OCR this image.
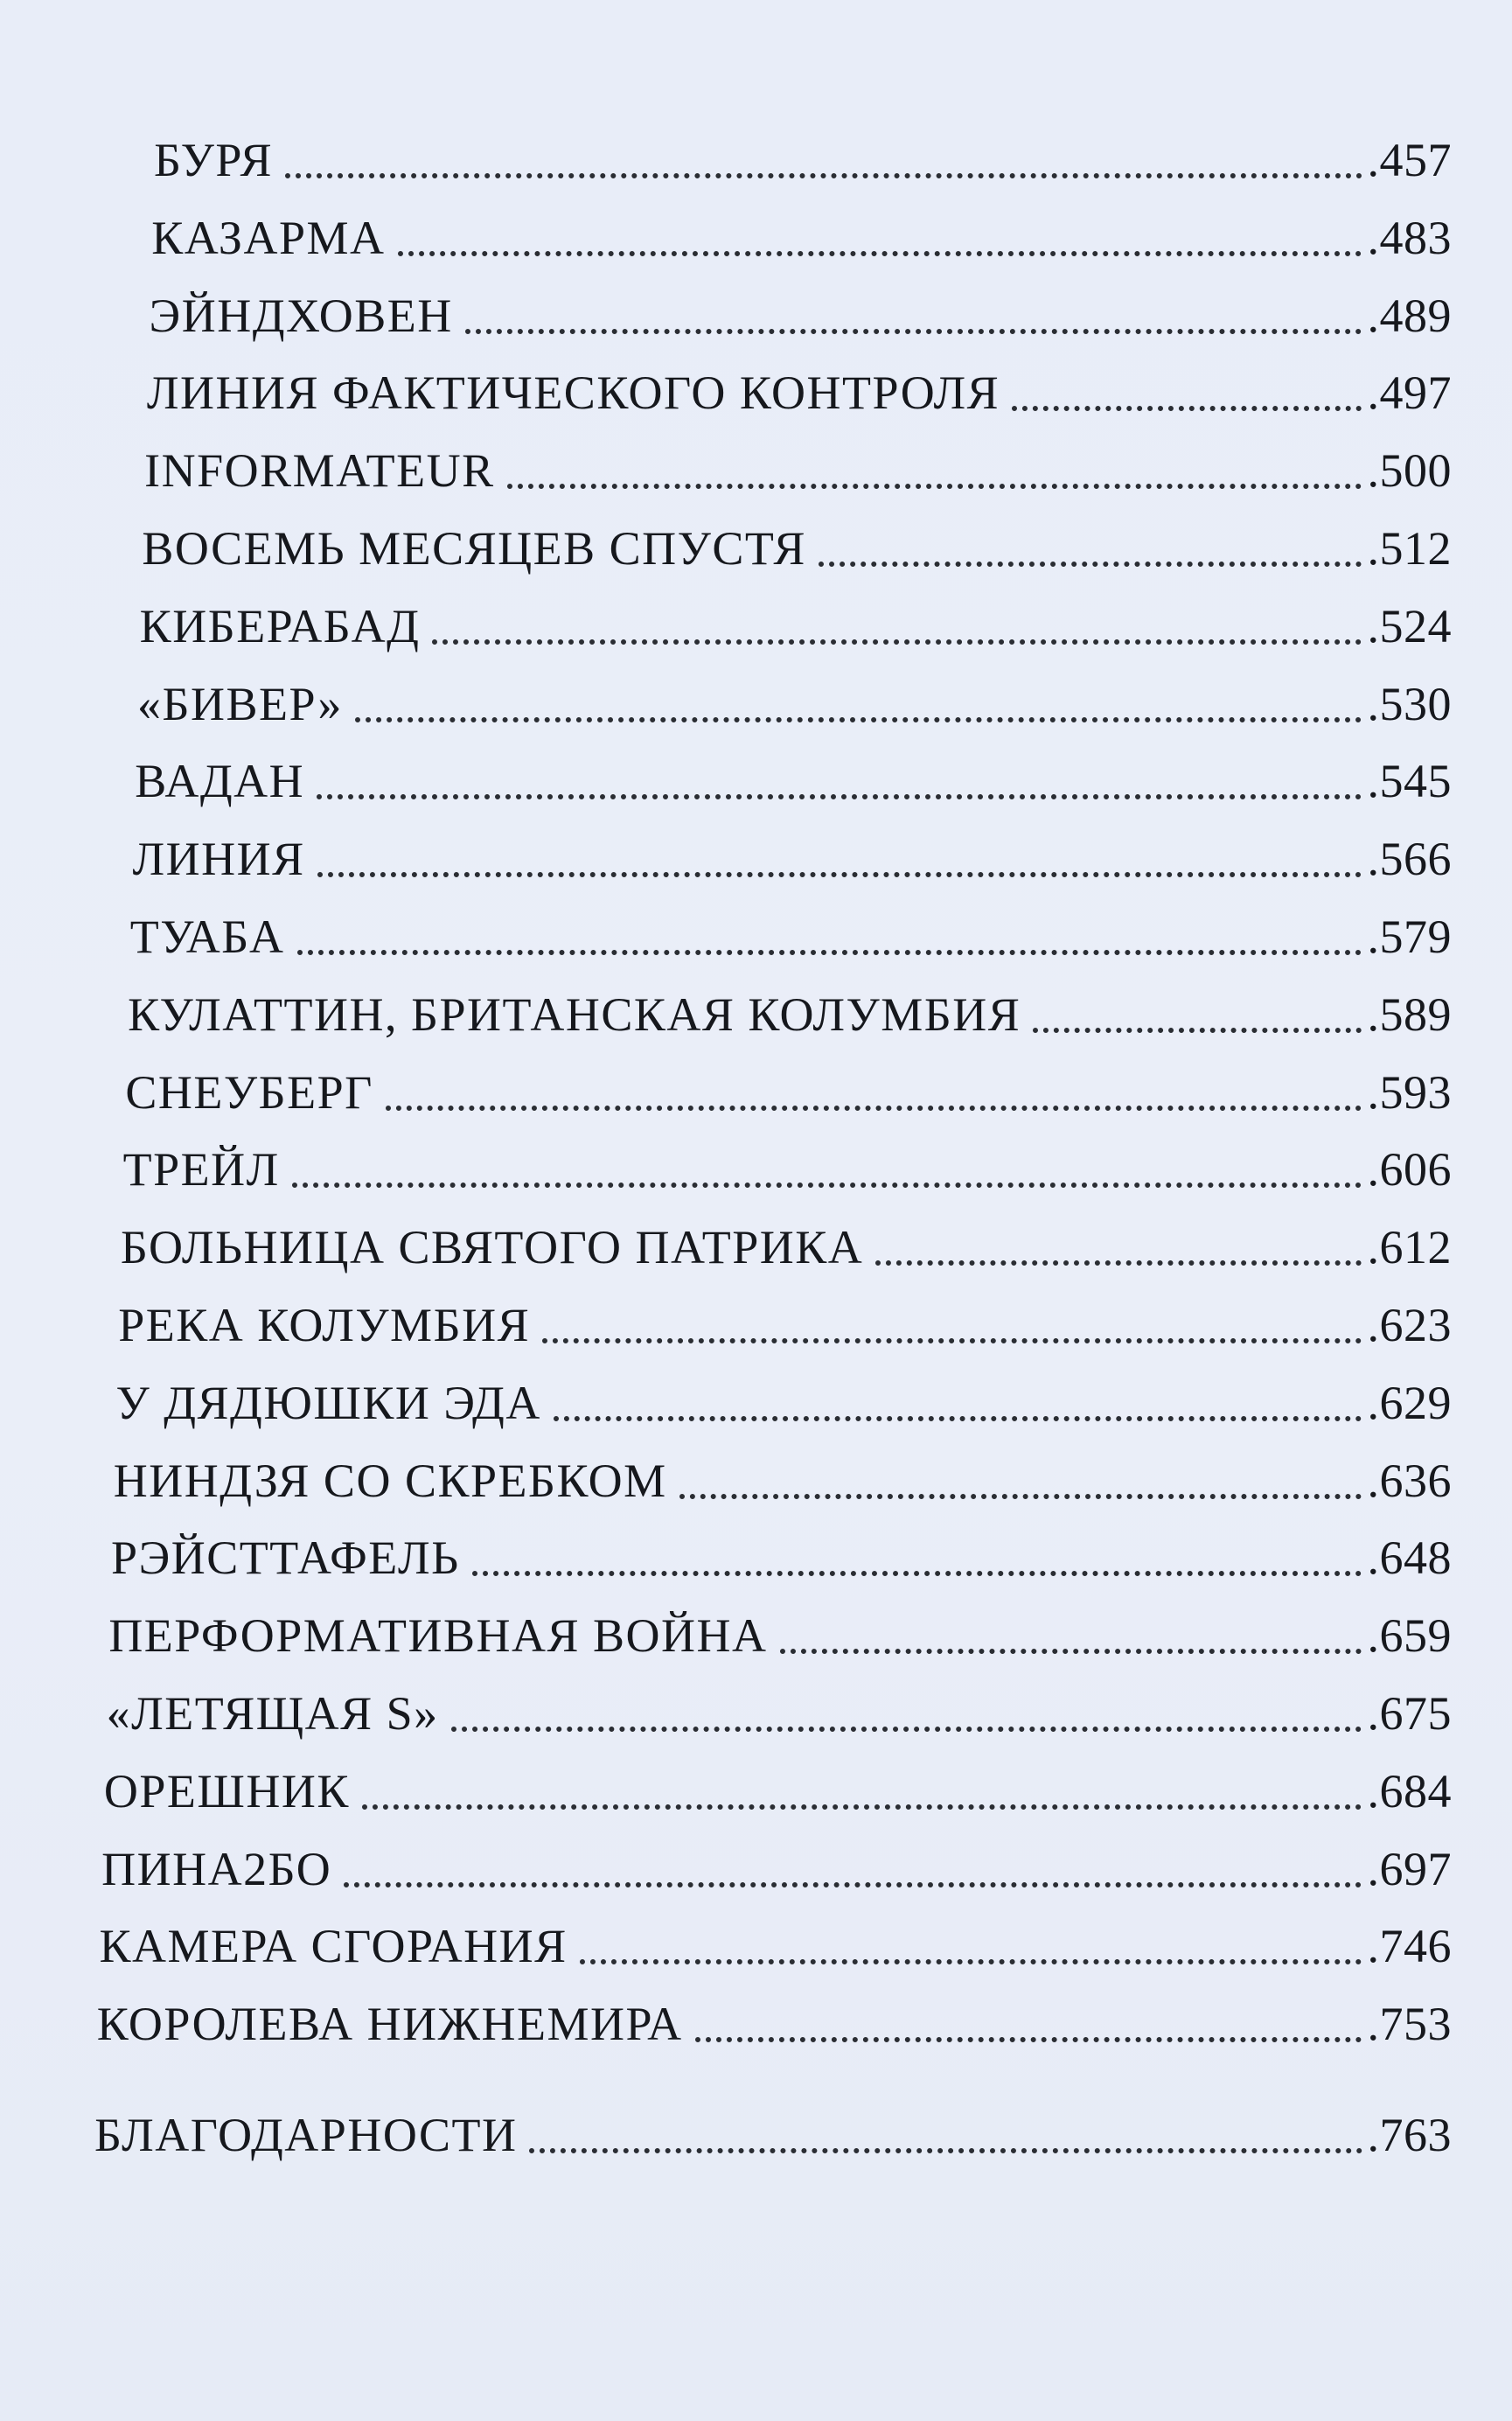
БУРЯ	.457
КАЗАРМА	.483
ЭЙНДХОВЕН	.489
ЛИНИЯ ФАКТИЧЕСКОГО КОНТРОЛЯ	.497
INFORMATEUR	.500
ВОСЕМЬ МЕСЯЦЕВ СПУСТЯ	.512
КИБЕРАБАД	.524
«БИВЕР»	.530
ВАДАН	.545
ЛИНИЯ	.566
ТУАБА	.579
КУЛАТТИН, БРИТАНСКАЯ КОЛУМБИЯ	.589
СНЕУБЕРГ	.593
ТРЕЙЛ	.606
БОЛЬНИЦА СВЯТОГО ПАТРИКА	.612
РЕКА КОЛУМБИЯ	.623
У ДЯДЮШКИ ЭДА	.629
НИНДЗЯ СО СКРЕБКОМ	.636
РЭЙСТТАФЕЛЬ	.648
ПЕРФОРМАТИВНАЯ ВОЙНА	.659
«ЛЕТЯЩАЯ S»	.675
ОРЕШНИК	.684
ПИНА2БО	.697
КАМЕРА СГОРАНИЯ	.746
КОРОЛЕВА НИЖНЕМИРА	.753
БЛАГОДАРНОСТИ	.763
